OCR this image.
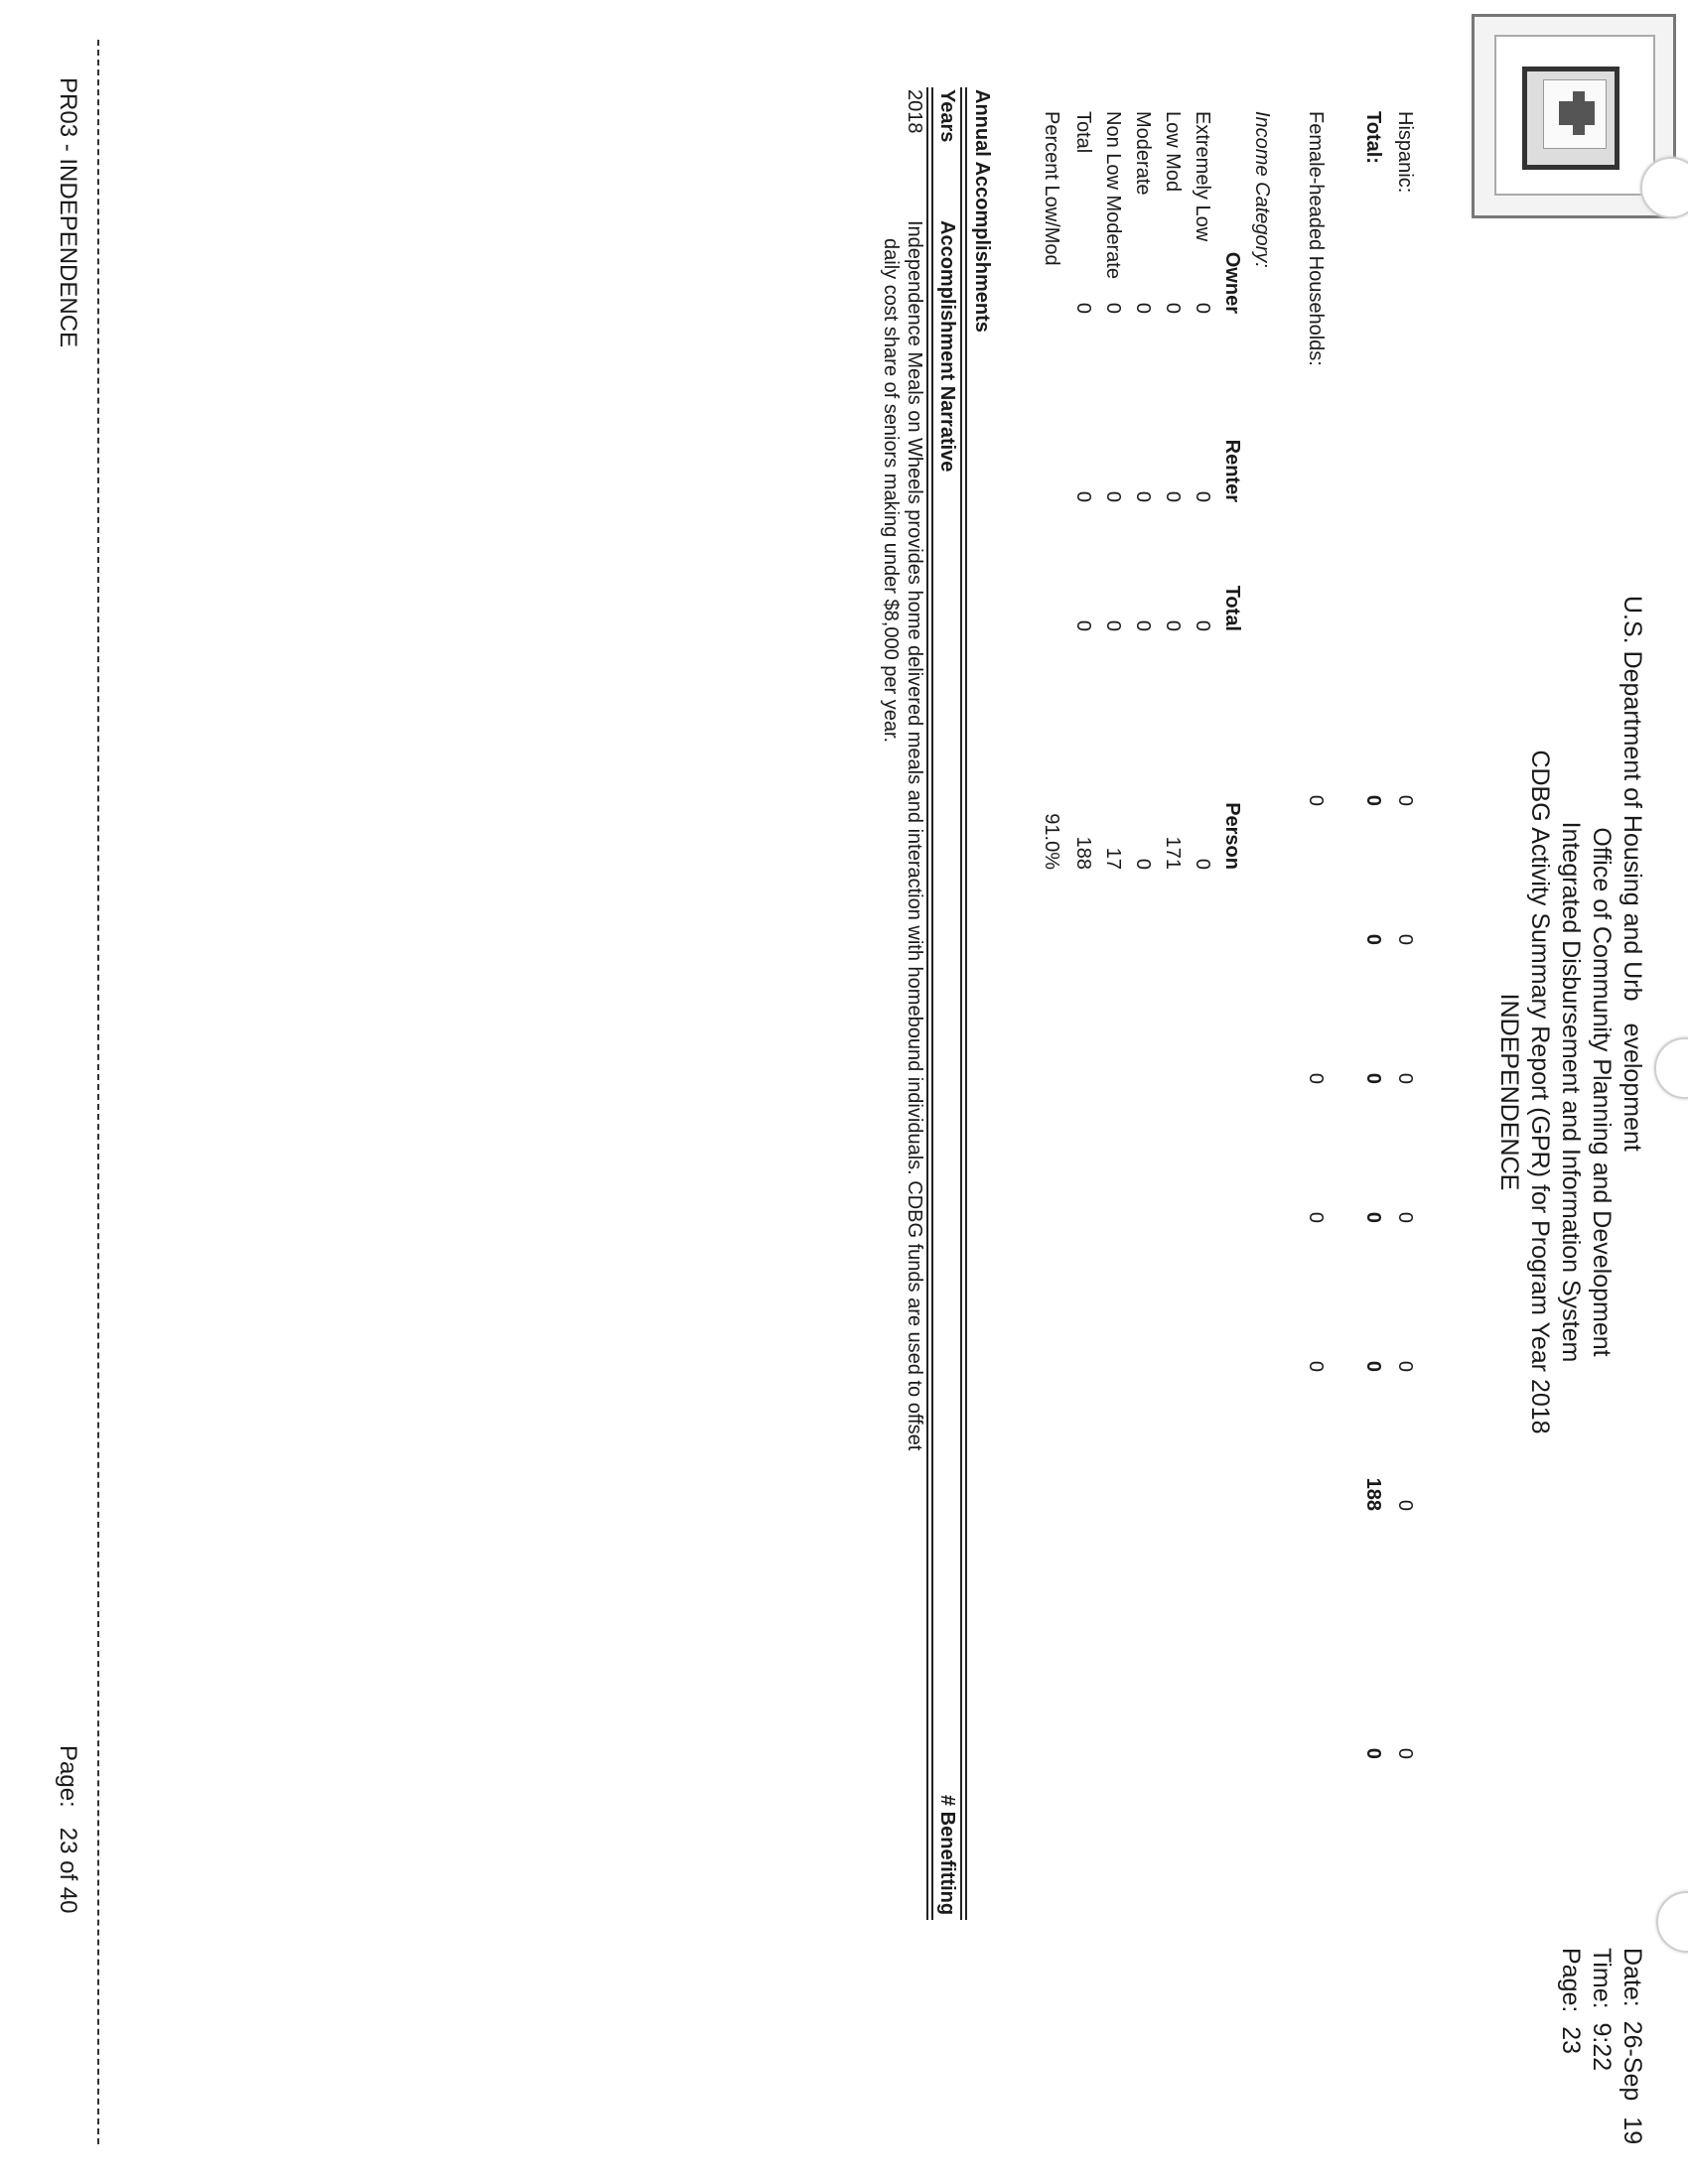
U.S. Department of Housing and Urbevelopment
Office of Community Planning and Development
Integrated Disbursement and Information System
CDBG Activity Summary Report (GPR) for Program Year 2018
INDEPENDENCE
Date:  26-Sep19
Time:  9:22
Page:  23
Hispanic:
0
0
0
0
0
0
0
Total:
0
0
0
0
0
188
0
Female-headed Households:
0
0
0
0
Income Category:
Owner
Renter
Total
Person
Extremely Low
0
0
0
0
Low Mod
0
0
0
171
Moderate
0
0
0
0
Non Low Moderate
0
0
0
17
Total
0
0
0
188
Percent Low/Mod
91.0%
Annual Accomplishments
Years
Accomplishment Narrative
# Benefitting
2018
Independence Meals on Wheels provides home delivered meals and interaction with homebound individuals. CDBG funds are used to offset
daily cost share of seniors making under $8,000 per year.
PR03 - INDEPENDENCE
Page:   23 of 40
